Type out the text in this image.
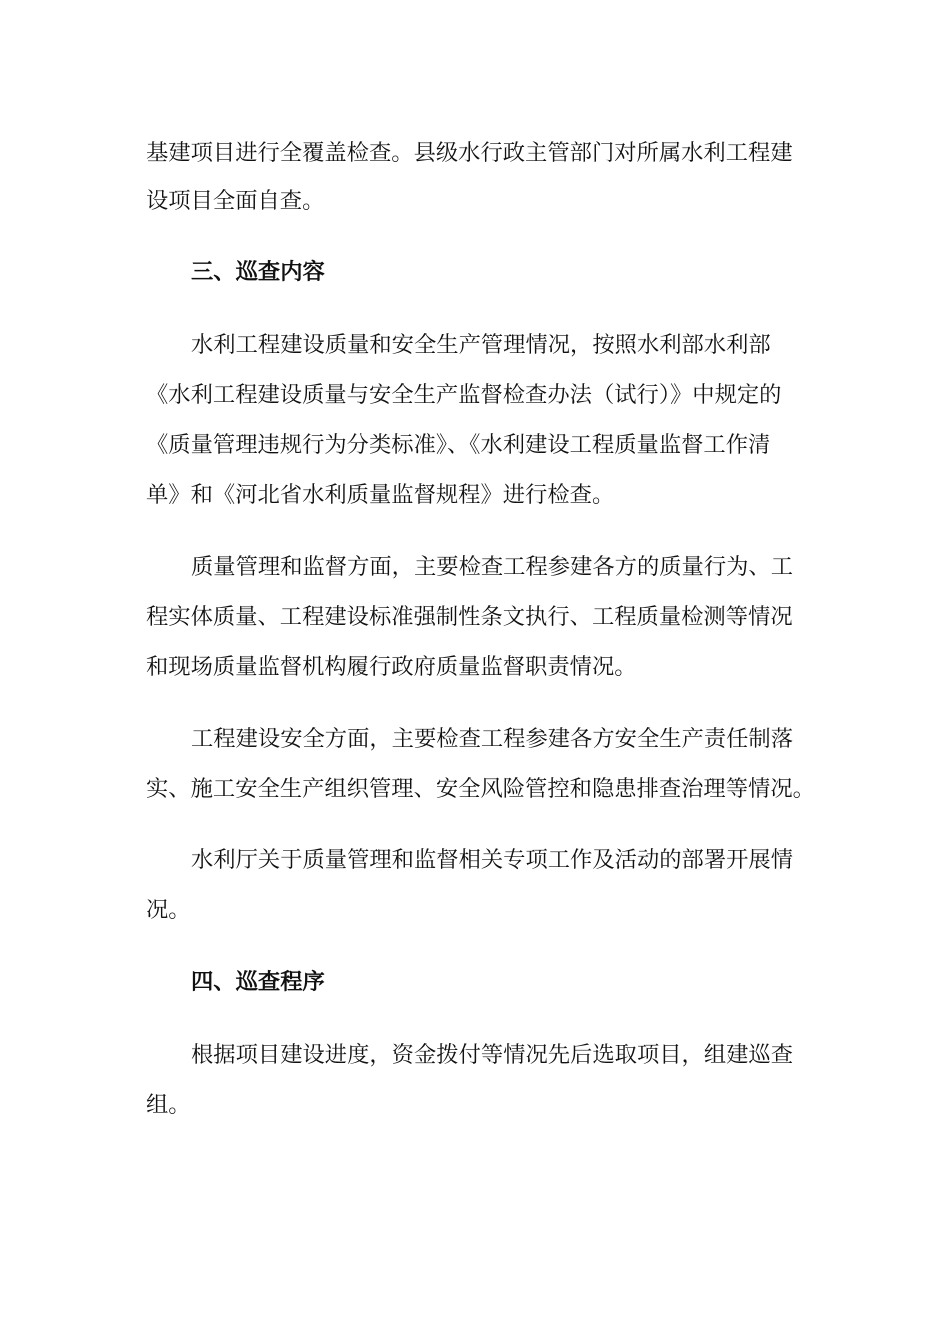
基建项目进行全覆盖检查。县级水行政主管部门对所属水利工程建
设项目全面自查。
三、巡查内容
水利工程建设质量和安全生产管理情况，按照水利部水利部
《水利工程建设质量与安全生产监督检查办法（试行）》中规定的
《质量管理违规行为分类标准》、《水利建设工程质量监督工作清
单》和《河北省水利质量监督规程》进行检查。
质量管理和监督方面，主要检查工程参建各方的质量行为、工
程实体质量、工程建设标准强制性条文执行、工程质量检测等情况
和现场质量监督机构履行政府质量监督职责情况。
工程建设安全方面，主要检查工程参建各方安全生产责任制落
实、施工安全生产组织管理、安全风险管控和隐患排查治理等情况。
水利厅关于质量管理和监督相关专项工作及活动的部署开展情
况。
四、巡查程序
根据项目建设进度，资金拨付等情况先后选取项目，组建巡查
组。
